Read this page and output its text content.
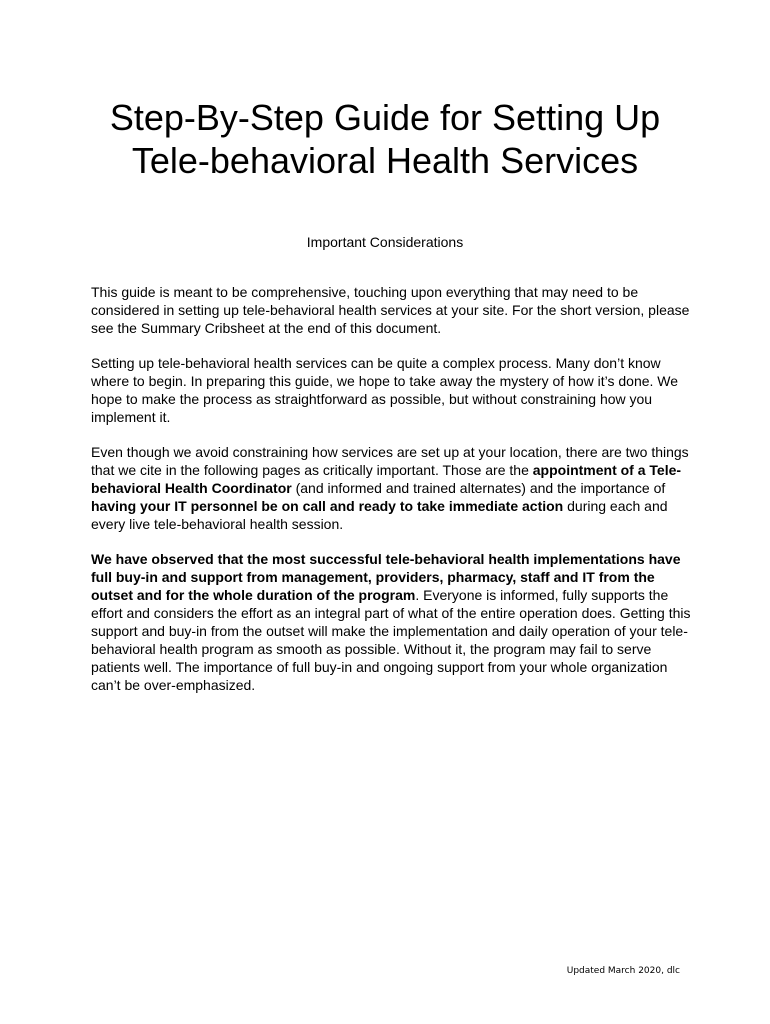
Step-By-Step Guide for Setting Up
Tele-behavioral Health Services

Important Considerations

This guide is meant to be comprehensive, touching upon everything that may need to be considered in setting up tele-behavioral health services at your site. For the short version, please see the Summary Cribsheet at the end of this document.

Setting up tele-behavioral health services can be quite a complex process. Many don’t know where to begin. In preparing this guide, we hope to take away the mystery of how it’s done. We hope to make the process as straightforward as possible, but without constraining how you implement it.

Even though we avoid constraining how services are set up at your location, there are two things that we cite in the following pages as critically important. Those are the appointment of a Tele-behavioral Health Coordinator (and informed and trained alternates) and the importance of having your IT personnel be on call and ready to take immediate action during each and every live tele-behavioral health session.

We have observed that the most successful tele-behavioral health implementations have full buy-in and support from management, providers, pharmacy, staff and IT from the outset and for the whole duration of the program. Everyone is informed, fully supports the effort and considers the effort as an integral part of what of the entire operation does. Getting this support and buy-in from the outset will make the implementation and daily operation of your tele-behavioral health program as smooth as possible. Without it, the program may fail to serve patients well. The importance of full buy-in and ongoing support from your whole organization can’t be over-emphasized.

Updated March 2020, dlc
